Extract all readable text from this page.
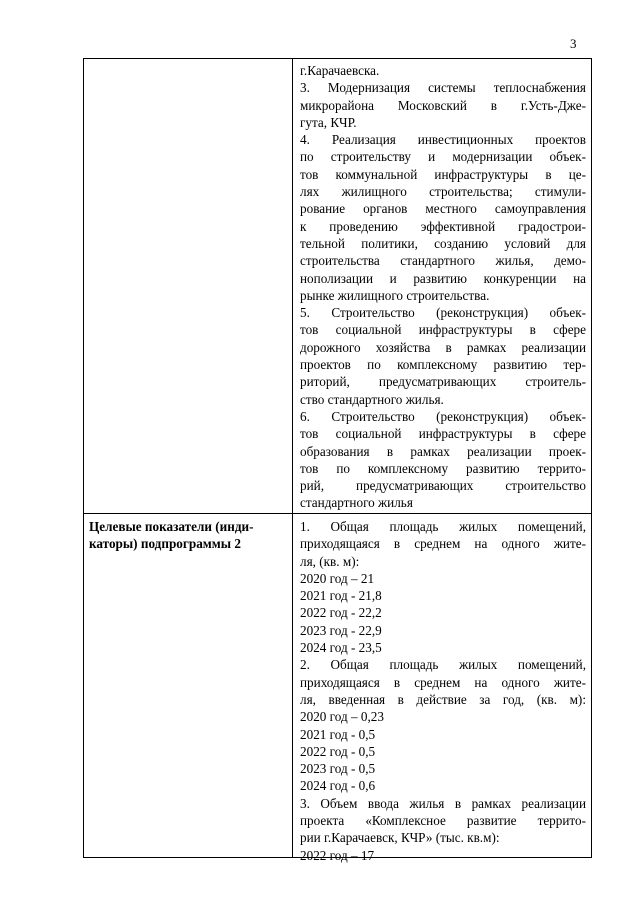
3
г.Карачаевска.
3. Модернизация системы теплоснабжения
микрорайона Московский в г.Усть-Дже-
гута, КЧР.
4. Реализация инвестиционных проектов
по строительству и модернизации объек-
тов коммунальной инфраструктуры в це-
лях жилищного строительства; стимули-
рование органов местного самоуправления
к проведению эффективной градострои-
тельной политики, созданию условий для
строительства стандартного жилья, демо-
нополизации и развитию конкуренции на
рынке жилищного строительства.
5. Строительство (реконструкция) объек-
тов социальной инфраструктуры в сфере
дорожного хозяйства в рамках реализации
проектов по комплексному развитию тер-
риторий, предусматривающих строитель-
ство стандартного жилья.
6. Строительство (реконструкция) объек-
тов социальной инфраструктуры в сфере
образования в рамках реализации проек-
тов по комплексному развитию террито-
рий, предусматривающих строительство
стандартного жилья
Целевые показатели (инди-
каторы) подпрограммы 2
1. Общая площадь жилых помещений,
приходящаяся в среднем на одного жите-
ля, (кв. м):
2020 год – 21
2021 год - 21,8
2022 год - 22,2
2023 год - 22,9
2024 год - 23,5
2. Общая площадь жилых помещений,
приходящаяся в среднем на одного жите-
ля, введенная в действие за год, (кв. м):
2020 год – 0,23
2021 год - 0,5
2022 год - 0,5
2023 год - 0,5
2024 год - 0,6
3. Объем ввода жилья в рамках реализации
проекта «Комплексное развитие террито-
рии г.Карачаевск, КЧР» (тыс. кв.м):
2022 год – 17
